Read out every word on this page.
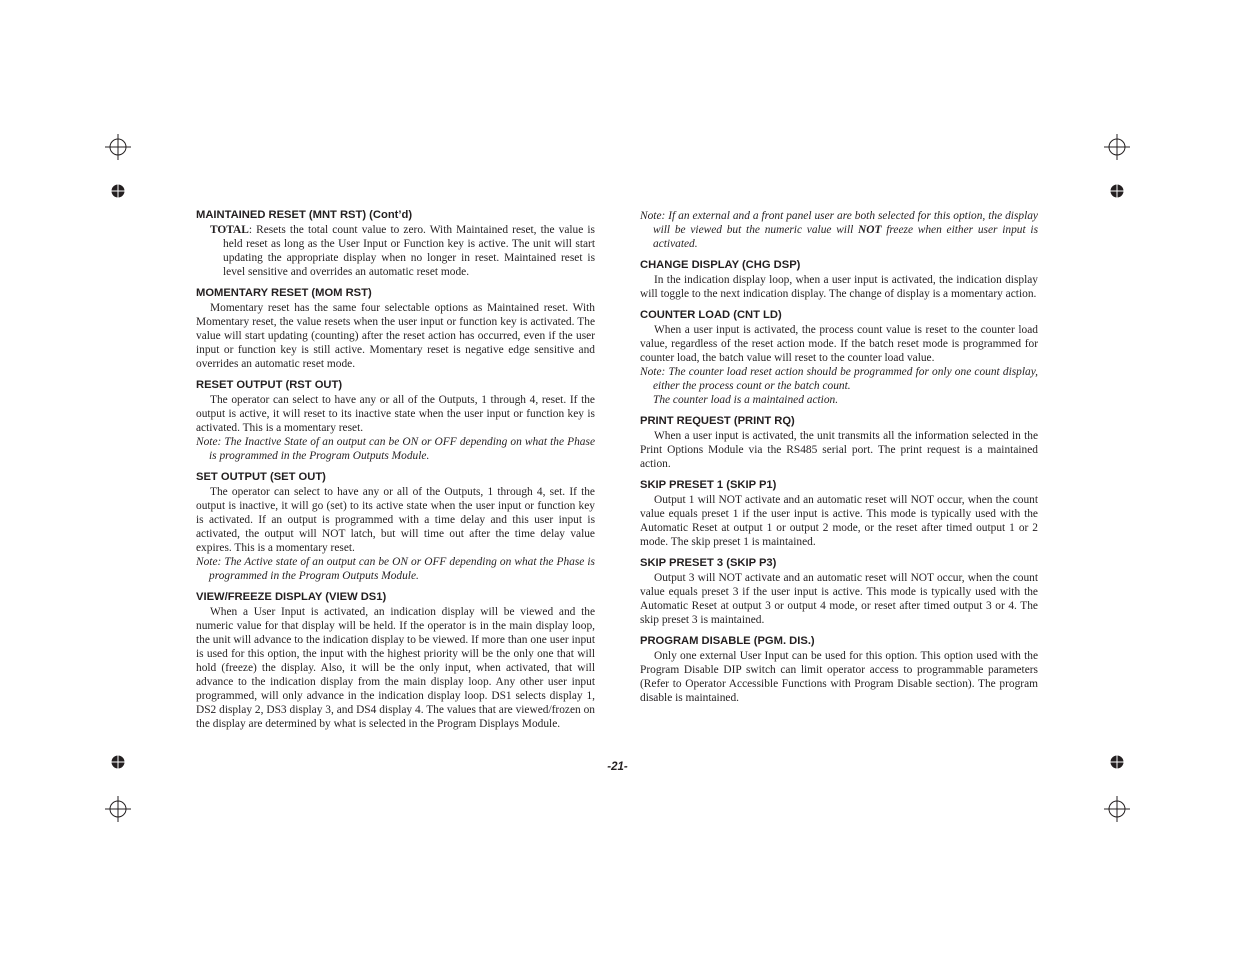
MAINTAINED RESET (MNT RST) (Cont’d)

TOTAL: Resets the total count value to zero. With Maintained reset, the value is held reset as long as the User Input or Function key is active. The unit will start updating the appropriate display when no longer in reset. Maintained reset is level sensitive and overrides an automatic reset mode.

MOMENTARY RESET (MOM RST)

Momentary reset has the same four selectable options as Maintained reset. With Momentary reset, the value resets when the user input or function key is activated. The value will start updating (counting) after the reset action has occurred, even if the user input or function key is still active. Momentary reset is negative edge sensitive and overrides an automatic reset mode.

RESET OUTPUT (RST OUT)

The operator can select to have any or all of the Outputs, 1 through 4, reset. If the output is active, it will reset to its inactive state when the user input or function key is activated. This is a momentary reset.

Note: The Inactive State of an output can be ON or OFF depending on what the Phase is programmed in the Program Outputs Module.

SET OUTPUT (SET OUT)

The operator can select to have any or all of the Outputs, 1 through 4, set. If the output is inactive, it will go (set) to its active state when the user input or function key is activated. If an output is programmed with a time delay and this user input is activated, the output will NOT latch, but will time out after the time delay value expires. This is a momentary reset.

Note: The Active state of an output can be ON or OFF depending on what the Phase is programmed in the Program Outputs Module.

VIEW/FREEZE DISPLAY (VIEW DS1)

When a User Input is activated, an indication display will be viewed and the numeric value for that display will be held. If the operator is in the main display loop, the unit will advance to the indication display to be viewed. If more than one user input is used for this option, the input with the highest priority will be the only one that will hold (freeze) the display. Also, it will be the only input, when activated, that will advance to the indication display from the main display loop. Any other user input programmed, will only advance in the indication display loop. DS1 selects display 1, DS2 display 2, DS3 display 3, and DS4 display 4. The values that are viewed/frozen on the display are determined by what is selected in the Program Displays Module.

Note: If an external and a front panel user are both selected for this option, the display will be viewed but the numeric value will NOT freeze when either user input is activated.

CHANGE DISPLAY (CHG DSP)

In the indication display loop, when a user input is activated, the indication display will toggle to the next indication display. The change of display is a momentary action.

COUNTER LOAD (CNT LD)

When a user input is activated, the process count value is reset to the counter load value, regardless of the reset action mode. If the batch reset mode is programmed for counter load, the batch value will reset to the counter load value.

Note: The counter load reset action should be programmed for only one count display, either the process count or the batch count.

The counter load is a maintained action.

PRINT REQUEST (PRINT RQ)

When a user input is activated, the unit transmits all the information selected in the Print Options Module via the RS485 serial port. The print request is a maintained action.

SKIP PRESET 1 (SKIP P1)

Output 1 will NOT activate and an automatic reset will NOT occur, when the count value equals preset 1 if the user input is active. This mode is typically used with the Automatic Reset at output 1 or output 2 mode, or the reset after timed output 1 or 2 mode. The skip preset 1 is maintained.

SKIP PRESET 3 (SKIP P3)

Output 3 will NOT activate and an automatic reset will NOT occur, when the count value equals preset 3 if the user input is active. This mode is typically used with the Automatic Reset at output 3 or output 4 mode, or reset after timed output 3 or 4. The skip preset 3 is maintained.

PROGRAM DISABLE (PGM. DIS.)

Only one external User Input can be used for this option. This option used with the Program Disable DIP switch can limit operator access to programmable parameters (Refer to Operator Accessible Functions with Program Disable section). The program disable is maintained.

-21-
